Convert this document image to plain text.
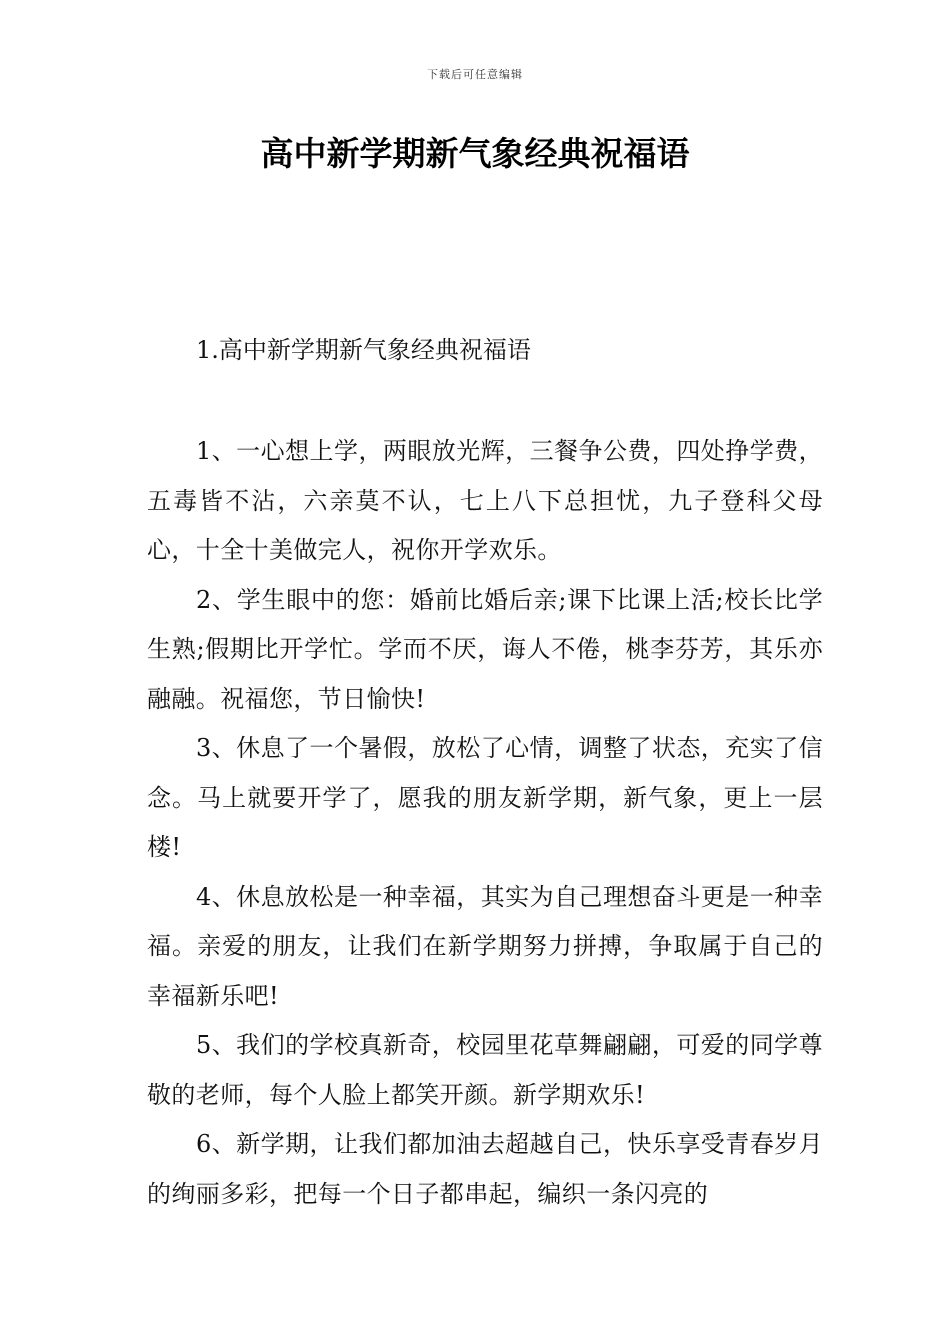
下载后可任意编辑
高中新学期新气象经典祝福语
1.高中新学期新气象经典祝福语

1、一心想上学，两眼放光辉，三餐争公费，四处挣学费，五毒皆不沾，六亲莫不认，七上八下总担忧，九子登科父母心，十全十美做完人，祝你开学欢乐。

2、学生眼中的您：婚前比婚后亲;课下比课上活;校长比学生熟;假期比开学忙。学而不厌，诲人不倦，桃李芬芳，其乐亦融融。祝福您，节日愉快!

3、休息了一个暑假，放松了心情，调整了状态，充实了信念。马上就要开学了，愿我的朋友新学期，新气象，更上一层楼!

4、休息放松是一种幸福，其实为自己理想奋斗更是一种幸福。亲爱的朋友，让我们在新学期努力拼搏，争取属于自己的幸福新乐吧!

5、我们的学校真新奇，校园里花草舞翩翩，可爱的同学尊敬的老师，每个人脸上都笑开颜。新学期欢乐!

6、新学期，让我们都加油去超越自己，快乐享受青春岁月的绚丽多彩，把每一个日子都串起，编织一条闪亮的
